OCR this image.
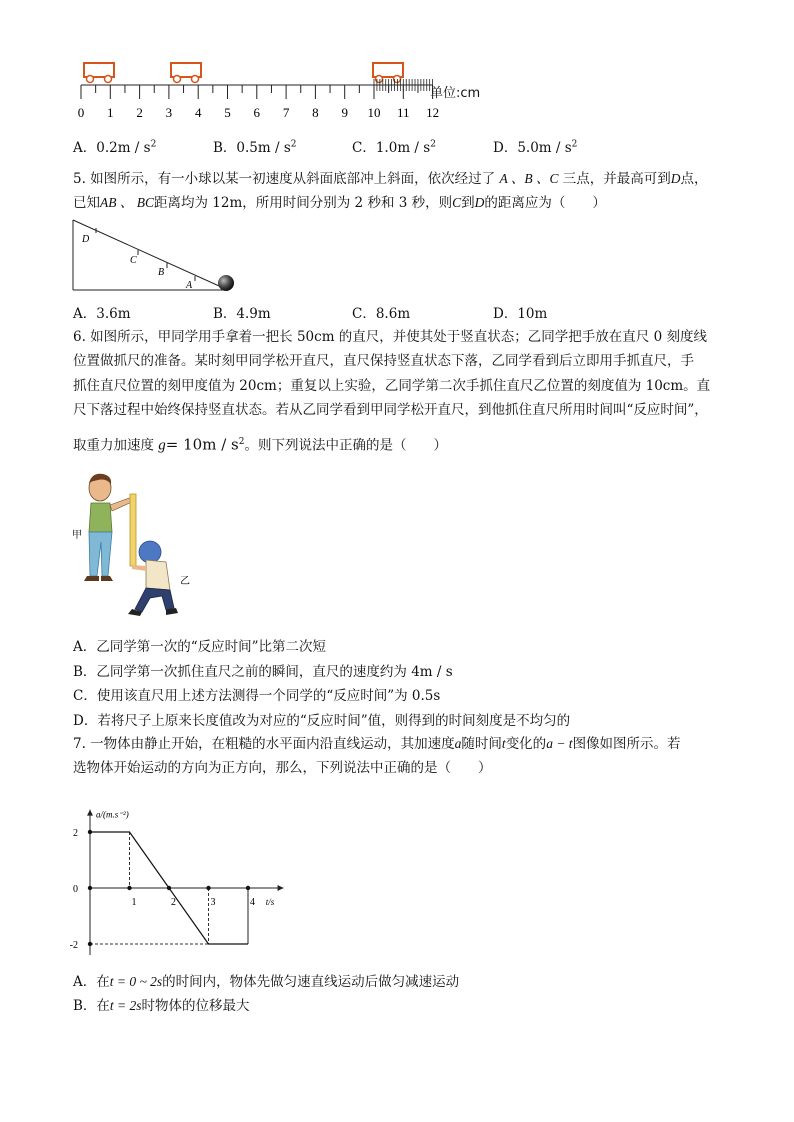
0 1 2 3 4 5 6 7 8 9 10 11 12
单位:cm
A．$0.2m / s^2$	B．$0.5m / s^2$	C．$1.0m / s^2$	D．$5.0m / s^2$
5. 如图所示，有一小球以某一初速度从斜面底部冲上斜面，依次经过了 A 、B 、C 三点，并最高可到D点，
已知AB 、 BC距离均为 12m，所用时间分别为 2 秒和 3 秒，则C到D的距离应为（　　）
D
C
B
A
A．3.6m	B．4.9m	C．8.6m	D．10m
6. 如图所示，甲同学用手拿着一把长 50cm 的直尺，并使其处于竖直状态；乙同学把手放在直尺 0 刻度线
位置做抓尺的准备。某时刻甲同学松开直尺，直尺保持竖直状态下落，乙同学看到后立即用手抓直尺，手
抓住直尺位置的刻甲度值为 20cm；重复以上实验，乙同学第二次手抓住直尺乙位置的刻度值为 10cm。直
尺下落过程中始终保持竖直状态。若从乙同学看到甲同学松开直尺，到他抓住直尺所用时间叫“反应时间”，
取重力加速度 $g= 10m / s^2$。则下列说法中正确的是（　　）
甲
乙
A．乙同学第一次的“反应时间”比第二次短
B．乙同学第一次抓住直尺之前的瞬间，直尺的速度约为 4m / s
C．使用该直尺用上述方法测得一个同学的“反应时间”为 0.5s
D．若将尺子上原来长度值改为对应的“反应时间”值，则得到的时间刻度是不均匀的
7. 一物体由静止开始，在粗糙的水平面内沿直线运动，其加速度a随时间t变化的a − t图像如图所示。若
选物体开始运动的方向为正方向，那么，下列说法中正确的是（　　）
a/(m.s⁻²)
t/s
2
0
-2
1	2	3	4
A．在t = 0 ~ 2s的时间内，物体先做匀速直线运动后做匀减速运动
B．在t = 2s时物体的位移最大
